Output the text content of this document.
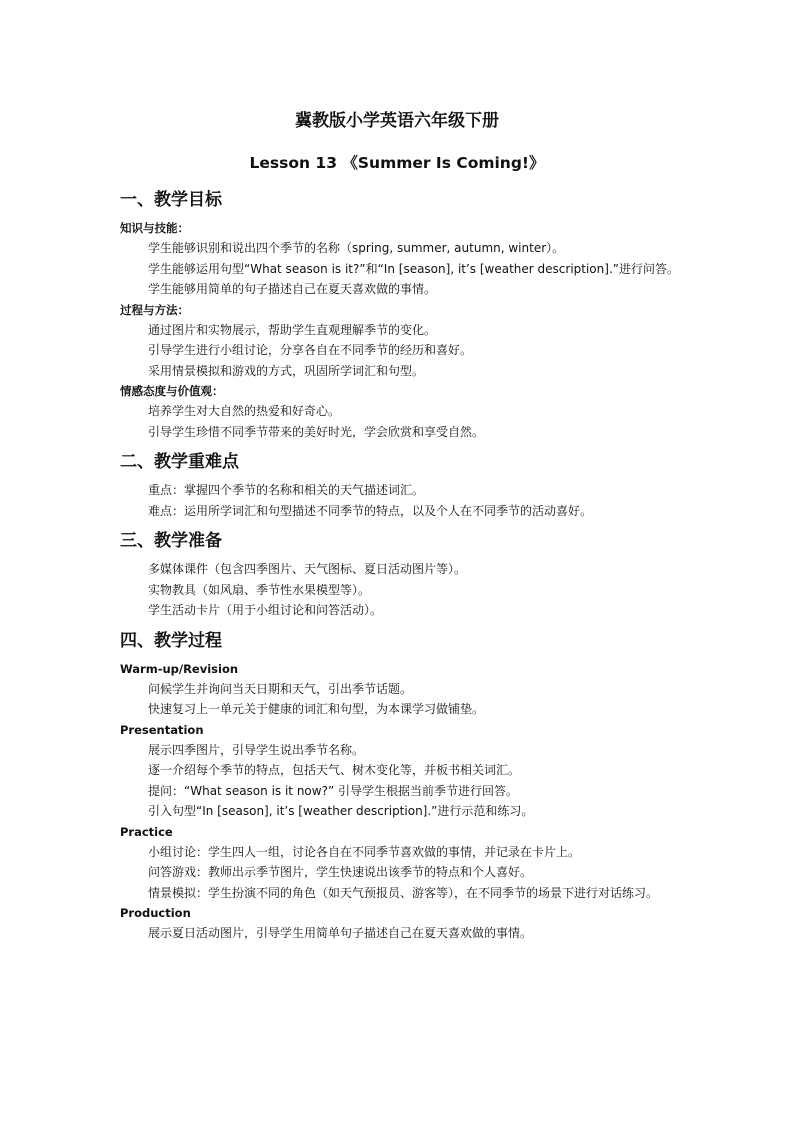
冀教版小学英语六年级下册
Lesson 13 《Summer Is Coming!》
一、教学目标
知识与技能：

学生能够识别和说出四个季节的名称（spring, summer, autumn, winter）。

学生能够运用句型“What season is it?”和“In [season], it’s [weather description].”进行问答。

学生能够用简单的句子描述自己在夏天喜欢做的事情。

过程与方法：

通过图片和实物展示，帮助学生直观理解季节的变化。

引导学生进行小组讨论，分享各自在不同季节的经历和喜好。

采用情景模拟和游戏的方式，巩固所学词汇和句型。

情感态度与价值观：

培养学生对大自然的热爱和好奇心。

引导学生珍惜不同季节带来的美好时光，学会欣赏和享受自然。

二、教学重难点

重点：掌握四个季节的名称和相关的天气描述词汇。

难点：运用所学词汇和句型描述不同季节的特点，以及个人在不同季节的活动喜好。

三、教学准备

多媒体课件（包含四季图片、天气图标、夏日活动图片等）。

实物教具（如风扇、季节性水果模型等）。

学生活动卡片（用于小组讨论和问答活动）。

四、教学过程
Warm-up/Revision

问候学生并询问当天日期和天气，引出季节话题。

快速复习上一单元关于健康的词汇和句型，为本课学习做铺垫。

Presentation

展示四季图片，引导学生说出季节名称。

逐一介绍每个季节的特点，包括天气、树木变化等，并板书相关词汇。

提问：“What season is it now?” 引导学生根据当前季节进行回答。

引入句型“In [season], it’s [weather description].”进行示范和练习。

Practice

小组讨论：学生四人一组，讨论各自在不同季节喜欢做的事情，并记录在卡片上。

问答游戏：教师出示季节图片，学生快速说出该季节的特点和个人喜好。

情景模拟：学生扮演不同的角色（如天气预报员、游客等），在不同季节的场景下进行对话练习。

Production

展示夏日活动图片，引导学生用简单句子描述自己在夏天喜欢做的事情。
